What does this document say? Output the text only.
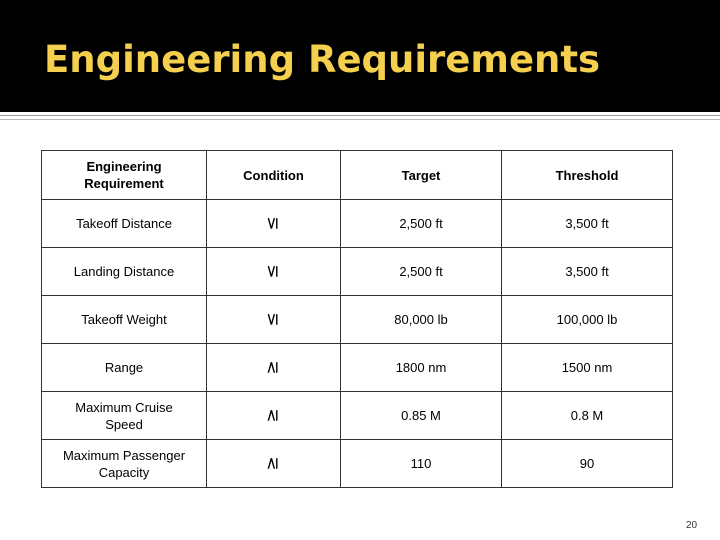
Engineering Requirements
Engineering Requirement	Condition	Target	Threshold
Takeoff Distance	≤	2,500 ft	3,500 ft
Landing Distance	≤	2,500 ft	3,500 ft
Takeoff Weight	≤	80,000 lb	100,000 lb
Range	≥	1800 nm	1500 nm
Maximum Cruise Speed	≥	0.85 M	0.8 M
Maximum Passenger Capacity	≥	110	90
20
